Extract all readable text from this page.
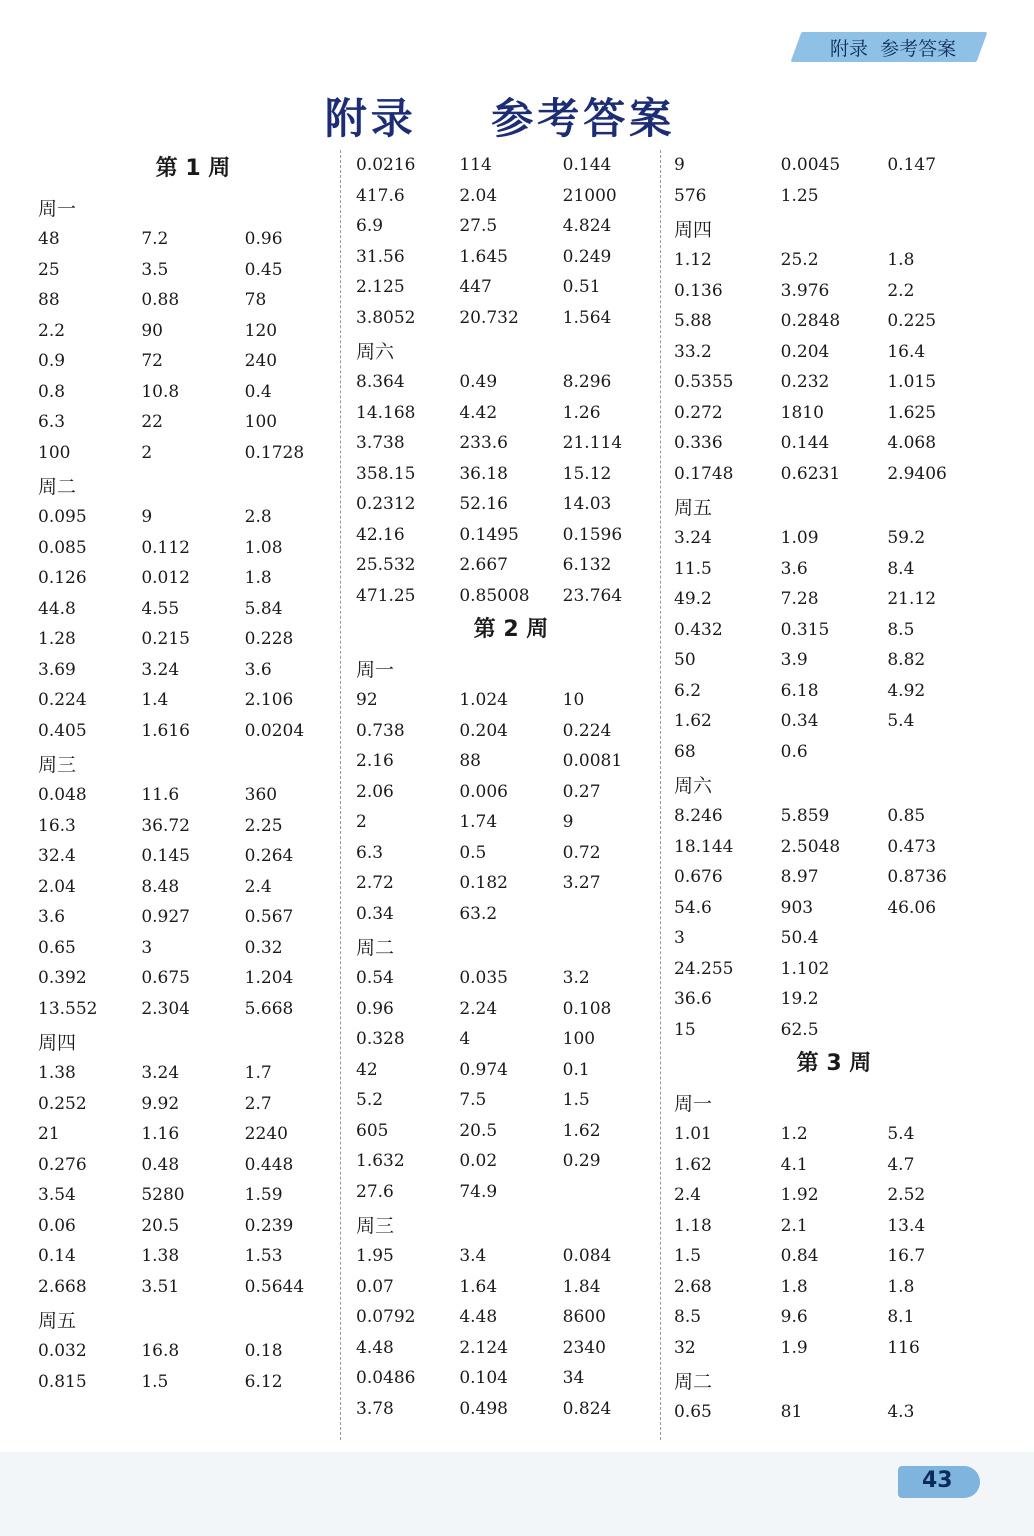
附录  参考答案
附录    参考答案
第 1 周
周一
48	7.2	0.96
25	3.5	0.45
88	0.88	78
2.2	90	120
0.9	72	240
0.8	10.8	0.4
6.3	22	100
100	2	0.1728
周二
0.095	9	2.8
0.085	0.112	1.08
0.126	0.012	1.8
44.8	4.55	5.84
1.28	0.215	0.228
3.69	3.24	3.6
0.224	1.4	2.106
0.405	1.616	0.0204
周三
0.048	11.6	360
16.3	36.72	2.25
32.4	0.145	0.264
2.04	8.48	2.4
3.6	0.927	0.567
0.65	3	0.32
0.392	0.675	1.204
13.552	2.304	5.668
周四
1.38	3.24	1.7
0.252	9.92	2.7
21	1.16	2240
0.276	0.48	0.448
3.54	5280	1.59
0.06	20.5	0.239
0.14	1.38	1.53
2.668	3.51	0.5644
周五
0.032	16.8	0.18
0.815	1.5	6.12
0.0216	114	0.144
417.6	2.04	21000
6.9	27.5	4.824
31.56	1.645	0.249
2.125	447	0.51
3.8052	20.732	1.564
周六
8.364	0.49	8.296
14.168	4.42	1.26
3.738	233.6	21.114
358.15	36.18	15.12
0.2312	52.16	14.03
42.16	0.1495	0.1596
25.532	2.667	6.132
471.25	0.85008	23.764
第 2 周
周一
92	1.024	10
0.738	0.204	0.224
2.16	88	0.0081
2.06	0.006	0.27
2	1.74	9
6.3	0.5	0.72
2.72	0.182	3.27
0.34	63.2
周二
0.54	0.035	3.2
0.96	2.24	0.108
0.328	4	100
42	0.974	0.1
5.2	7.5	1.5
605	20.5	1.62
1.632	0.02	0.29
27.6	74.9
周三
1.95	3.4	0.084
0.07	1.64	1.84
0.0792	4.48	8600
4.48	2.124	2340
0.0486	0.104	34
3.78	0.498	0.824
9	0.0045	0.147
576	1.25
周四
1.12	25.2	1.8
0.136	3.976	2.2
5.88	0.2848	0.225
33.2	0.204	16.4
0.5355	0.232	1.015
0.272	1810	1.625
0.336	0.144	4.068
0.1748	0.6231	2.9406
周五
3.24	1.09	59.2
11.5	3.6	8.4
49.2	7.28	21.12
0.432	0.315	8.5
50	3.9	8.82
6.2	6.18	4.92
1.62	0.34	5.4
68	0.6
周六
8.246	5.859	0.85
18.144	2.5048	0.473
0.676	8.97	0.8736
54.6	903	46.06
3	50.4
24.255	1.102
36.6	19.2
15	62.5
第 3 周
周一
1.01	1.2	5.4
1.62	4.1	4.7
2.4	1.92	2.52
1.18	2.1	13.4
1.5	0.84	16.7
2.68	1.8	1.8
8.5	9.6	8.1
32	1.9	116
周二
0.65	81	4.3
43
